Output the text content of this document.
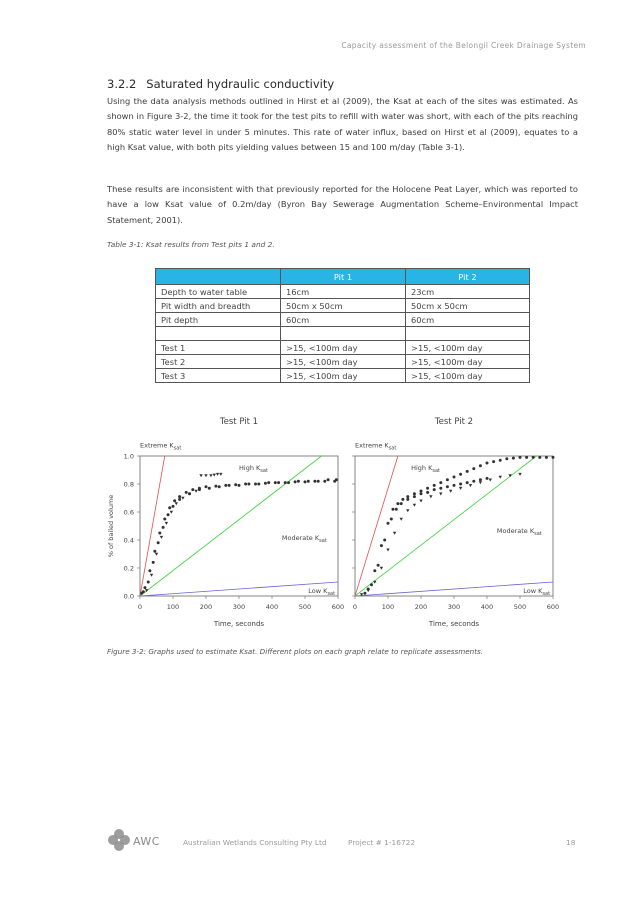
Capacity assessment of the Belongil Creek Drainage System
3.2.2 Saturated hydraulic conductivity

Using the data analysis methods outlined in Hirst et al (2009), the Ksat at each of the sites was estimated. As shown in Figure 3-2, the time it took for the test pits to refill with water was short, with each of the pits reaching 80% static water level in under 5 minutes. This rate of water influx, based on Hirst et al (2009), equates to a high Ksat value, with both pits yielding values between 15 and 100 m/day (Table 3-1).

These results are inconsistent with that previously reported for the Holocene Peat Layer, which was reported to have a low Ksat value of 0.2m/day (Byron Bay Sewerage Augmentation Scheme–Environmental Impact Statement, 2001).

Table 3-1: Ksat results from Test pits 1 and 2.
	Pit 1	Pit 2
Depth to water table	16cm	23cm
Pit width and breadth	50cm x 50cm	50cm x 50cm
Pit depth	60cm	60cm

Test 1	>15, <100m day	>15, <100m day
Test 2	>15, <100m day	>15, <100m day
Test 3	>15, <100m day	>15, <100m day
Test Pit 1
0	100	200	300	400	500	600
0.0
0.2
0.4
0.6
0.8
1.0
Time, seconds
% of bailed volume
Extreme $K_{sat}$
High $K_{sat}$
Moderate $K_{sat}$
Low $K_{sat}$
Test Pit 2
0	100	200	300	400	500	600
Time, seconds
Extreme $K_{sat}$
High $K_{sat}$
Moderate $K_{sat}$
Low $K_{sat}$
Figure 3-2: Graphs used to estimate Ksat. Different plots on each graph relate to replicate assessments.
AWC	Australian Wetlands Consulting Pty Ltd	Project # 1-16722	18
